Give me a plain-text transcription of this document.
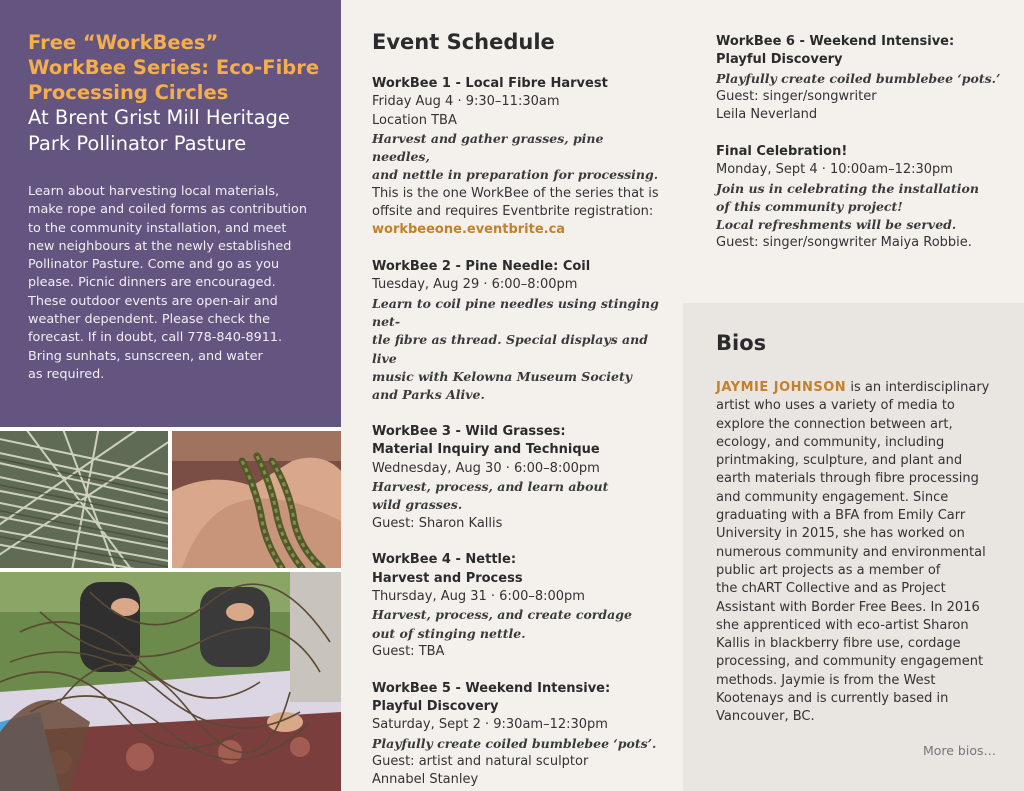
Free “WorkBees”
WorkBee Series: Eco-Fibre
Processing Circles
At Brent Grist Mill Heritage
Park Pollinator Pasture
Learn about harvesting local materials,
make rope and coiled forms as contribution
to the community installation, and meet
new neighbours at the newly established
Pollinator Pasture. Come and go as you
please. Picnic dinners are encouraged.
These outdoor events are open-air and
weather dependent. Please check the
forecast. If in doubt, call 778-840-8911.
Bring sunhats, sunscreen, and water
as required.
Event Schedule
WorkBee 1 - Local Fibre Harvest
Friday Aug 4 · 9:30–11:30am
Location TBA
Harvest and gather grasses, pine needles,
and nettle in preparation for processing.
This is the one WorkBee of the series that is
offsite and requires Eventbrite registration:
workbeeone.eventbrite.ca
WorkBee 2 - Pine Needle: Coil
Tuesday, Aug 29 · 6:00–8:00pm
Learn to coil pine needles using stinging net-
tle fibre as thread. Special displays and live
music with Kelowna Museum Society
and Parks Alive.
WorkBee 3 - Wild Grasses:
Material Inquiry and Technique
Wednesday, Aug 30 · 6:00–8:00pm
Harvest, process, and learn about
wild grasses.
Guest: Sharon Kallis
WorkBee 4 - Nettle:
Harvest and Process
Thursday, Aug 31 · 6:00–8:00pm
Harvest, process, and create cordage
out of stinging nettle.
Guest: TBA
WorkBee 5 - Weekend Intensive:
Playful Discovery
Saturday, Sept 2 · 9:30am–12:30pm
Playfully create coiled bumblebee ‘pots’.
Guest: artist and natural sculptor
Annabel Stanley
WorkBee 6 - Weekend Intensive:
Playful Discovery
Playfully create coiled bumblebee ‘pots.’
Guest: singer/songwriter
Leila Neverland
Final Celebration!
Monday, Sept 4 · 10:00am–12:30pm
Join us in celebrating the installation
of this community project!
Local refreshments will be served.
Guest: singer/songwriter Maiya Robbie.
Bios
JAYMIE JOHNSON is an interdisciplinary
artist who uses a variety of media to
explore the connection between art,
ecology, and community, including
printmaking, sculpture, and plant and
earth materials through fibre processing
and community engagement. Since
graduating with a BFA from Emily Carr
University in 2015, she has worked on
numerous community and environmental
public art projects as a member of
the chART Collective and as Project
Assistant with Border Free Bees. In 2016
she apprenticed with eco-artist Sharon
Kallis in blackberry fibre use, cordage
processing, and community engagement
methods. Jaymie is from the West
Kootenays and is currently based in
Vancouver, BC.
More bios…
